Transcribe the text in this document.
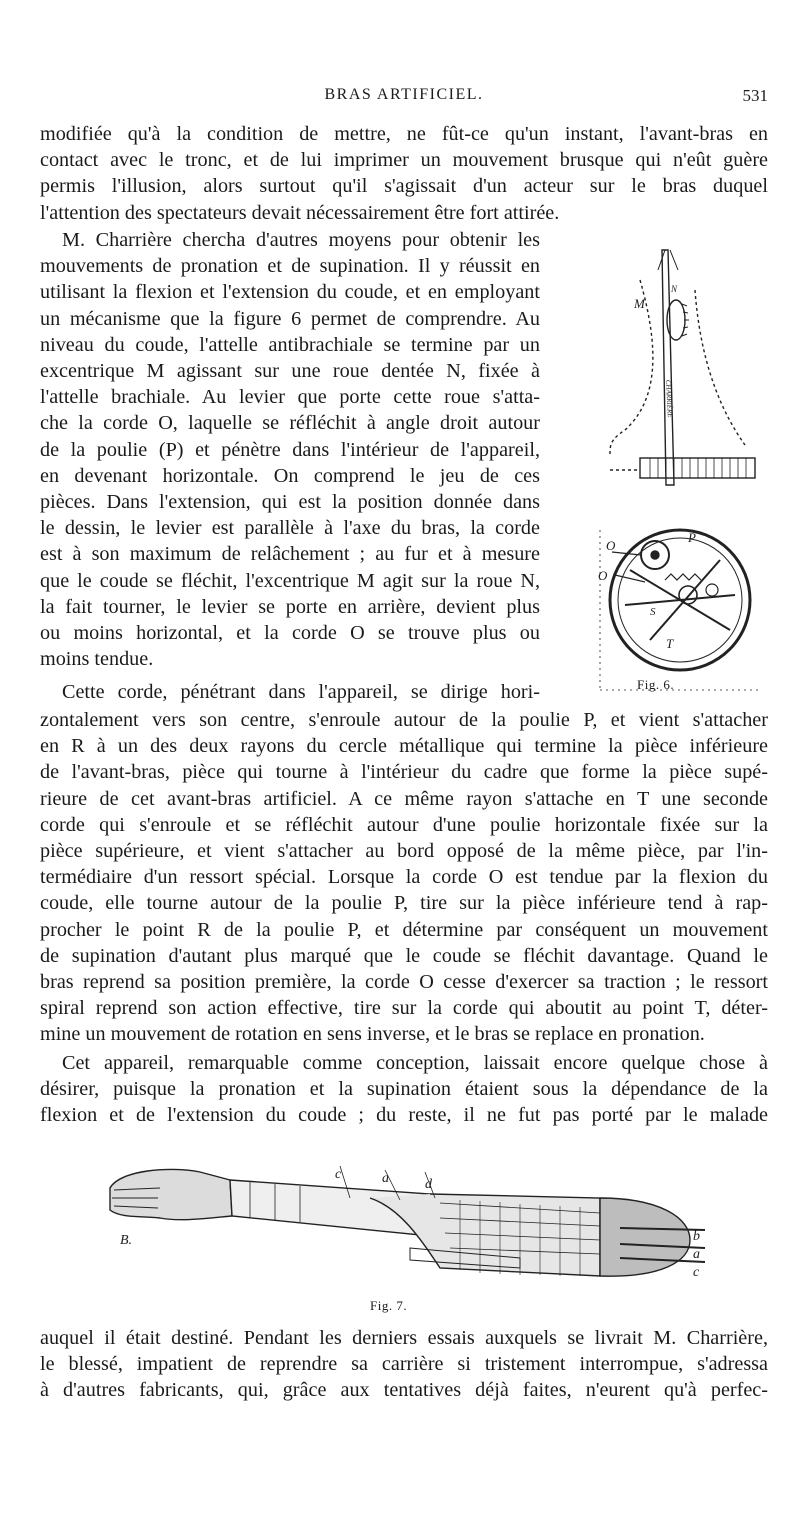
BRAS ARTIFICIEL.	531
modifiée qu'à la condition de mettre, ne fût-ce qu'un instant, l'avant-bras en
contact avec le tronc, et de lui imprimer un mouvement brusque qui n'eût guère
permis l'illusion, alors surtout qu'il s'agissait d'un acteur sur le bras duquel
l'attention des spectateurs devait nécessairement être fort attirée.
M. Charrière chercha d'autres moyens pour obtenir les
mouvements de pronation et de supination. Il y réussit en
utilisant la flexion et l'extension du coude, et en employant
un mécanisme que la figure 6 permet de comprendre. Au
niveau du coude, l'attelle antibrachiale se termine par un
excentrique M agissant sur une roue dentée N, fixée à
l'attelle brachiale. Au levier que porte cette roue s'atta-
che la corde O, laquelle se réfléchit à angle droit autour
de la poulie (P) et pénètre dans l'intérieur de l'appareil,
en devenant horizontale. On comprend le jeu de ces
pièces. Dans l'extension, qui est la position donnée dans
le dessin, le levier est parallèle à l'axe du bras, la corde
est à son maximum de relâchement ; au fur et à mesure
que le coude se fléchit, l'excentrique M agit sur la roue N,
la fait tourner, le levier se porte en arrière, devient plus
ou moins horizontal, et la corde O se trouve plus ou
moins tendue.
Cette corde, pénétrant dans l'appareil, se dirige hori-
zontalement vers son centre, s'enroule autour de la poulie P, et vient s'attacher
en R à un des deux rayons du cercle métallique qui termine la pièce inférieure
de l'avant-bras, pièce qui tourne à l'intérieur du cadre que forme la pièce supé-
rieure de cet avant-bras artificiel. A ce même rayon s'attache en T une seconde
corde qui s'enroule et se réfléchit autour d'une poulie horizontale fixée sur la
pièce supérieure, et vient s'attacher au bord opposé de la même pièce, par l'in-
termédiaire d'un ressort spécial. Lorsque la corde O est tendue par la flexion du
coude, elle tourne autour de la poulie P, tire sur la pièce inférieure tend à rap-
procher le point R de la poulie P, et détermine par conséquent un mouvement
de supination d'autant plus marqué que le coude se fléchit davantage. Quand le
bras reprend sa position première, la corde O cesse d'exercer sa traction ; le ressort
spiral reprend son action effective, tire sur la corde qui aboutit au point T, déter-
mine un mouvement de rotation en sens inverse, et le bras se replace en pronation.
Cet appareil, remarquable comme conception, laissait encore quelque chose à
désirer, puisque la pronation et la supination étaient sous la dépendance de la
flexion et de l'extension du coude ; du reste, il ne fut pas porté par le malade
auquel il était destiné. Pendant les derniers essais auxquels se livrait M. Charrière,
le blessé, impatient de reprendre sa carrière si tristement interrompue, s'adressa
à d'autres fabricants, qui, grâce aux tentatives déjà faites, n'eurent qu'à perfec-
M
N
P
O
O
S
T
CHARRIÈRE
Fig. 6.
B.
c	a	d
b
a
c
Fig. 7.
